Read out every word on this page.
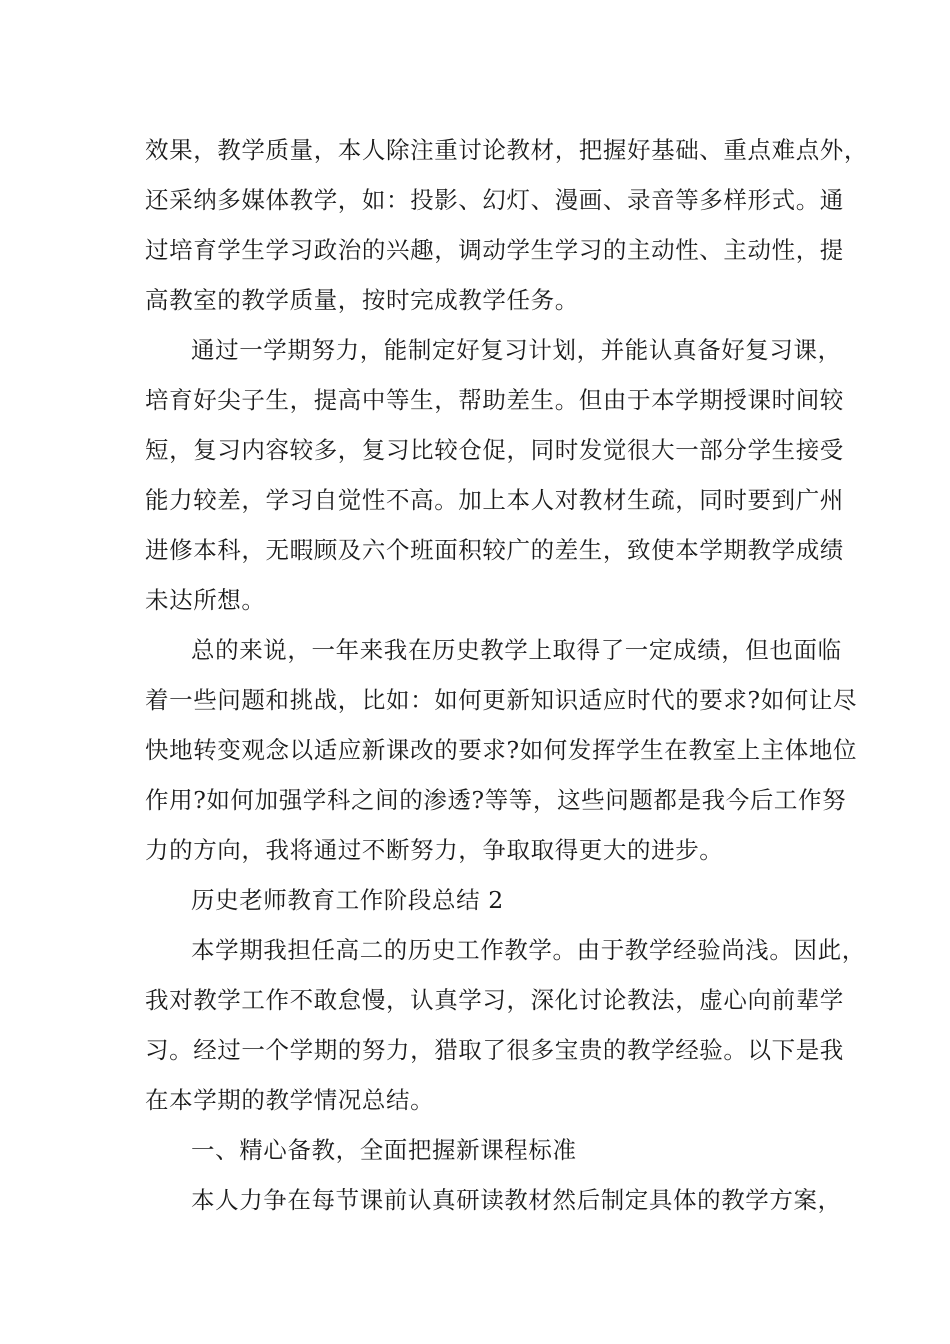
效果，教学质量，本人除注重讨论教材，把握好基础、重点难点外，
还采纳多媒体教学，如：投影、幻灯、漫画、录音等多样形式。通
过培育学生学习政治的兴趣，调动学生学习的主动性、主动性，提
高教室的教学质量，按时完成教学任务。
通过一学期努力，能制定好复习计划，并能认真备好复习课，
培育好尖子生，提高中等生，帮助差生。但由于本学期授课时间较
短，复习内容较多，复习比较仓促，同时发觉很大一部分学生接受
能力较差，学习自觉性不高。加上本人对教材生疏，同时要到广州
进修本科，无暇顾及六个班面积较广的差生，致使本学期教学成绩
未达所想。
总的来说，一年来我在历史教学上取得了一定成绩，但也面临
着一些问题和挑战，比如：如何更新知识适应时代的要求?如何让尽
快地转变观念以适应新课改的要求?如何发挥学生在教室上主体地位
作用?如何加强学科之间的渗透?等等，这些问题都是我今后工作努
力的方向，我将通过不断努力，争取取得更大的进步。
历史老师教育工作阶段总结 2
本学期我担任高二的历史工作教学。由于教学经验尚浅。因此，
我对教学工作不敢怠慢，认真学习，深化讨论教法，虚心向前辈学
习。经过一个学期的努力，猎取了很多宝贵的教学经验。以下是我
在本学期的教学情况总结。
一、精心备教，全面把握新课程标准
本人力争在每节课前认真研读教材然后制定具体的教学方案，
